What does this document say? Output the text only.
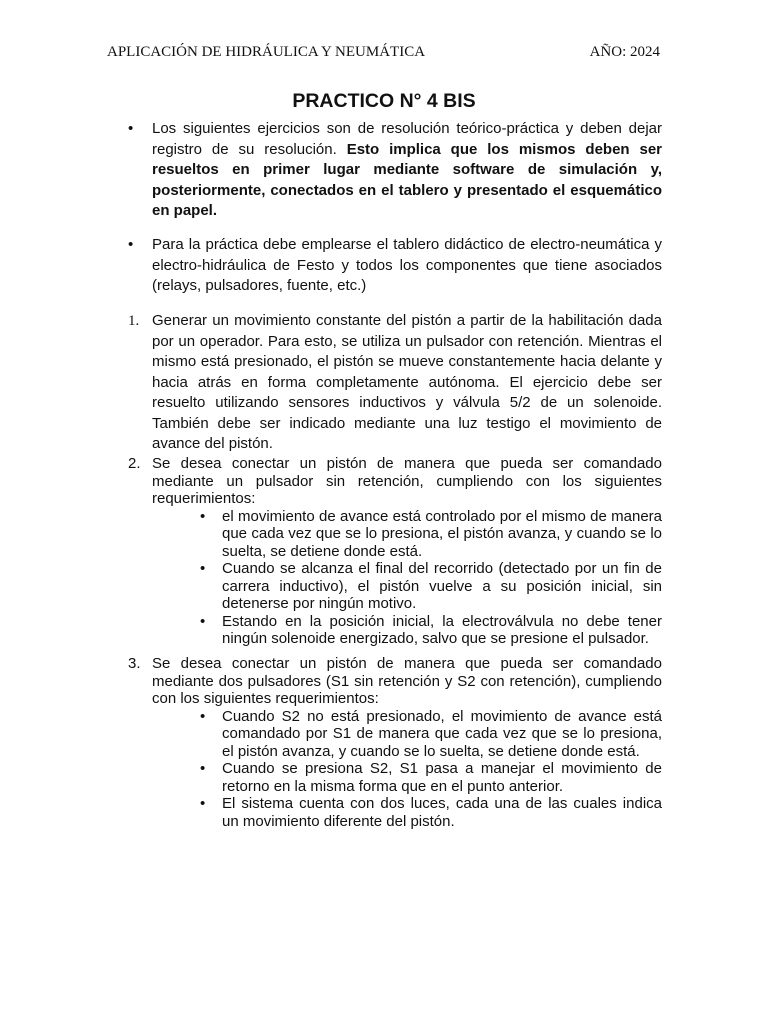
APLICACIÓN DE HIDRÁULICA Y NEUMÁTICA	AÑO: 2024
PRACTICO N° 4 BIS
• Los siguientes ejercicios son de resolución teórico-práctica y deben dejar registro de su resolución. Esto implica que los mismos deben ser resueltos en primer lugar mediante software de simulación y, posteriormente, conectados en el tablero y presentado el esquemático en papel.
• Para la práctica debe emplearse el tablero didáctico de electro-neumática y electro-hidráulica de Festo y todos los componentes que tiene asociados (relays, pulsadores, fuente, etc.)
1. Generar un movimiento constante del pistón a partir de la habilitación dada por un operador. Para esto, se utiliza un pulsador con retención. Mientras el mismo está presionado, el pistón se mueve constantemente hacia delante y hacia atrás en forma completamente autónoma. El ejercicio debe ser resuelto utilizando sensores inductivos y válvula 5/2 de un solenoide. También debe ser indicado mediante una luz testigo el movimiento de avance del pistón.
2. Se desea conectar un pistón de manera que pueda ser comandado mediante un pulsador sin retención, cumpliendo con los siguientes requerimientos:
• el movimiento de avance está controlado por el mismo de manera que cada vez que se lo presiona, el pistón avanza, y cuando se lo suelta, se detiene donde está.
• Cuando se alcanza el final del recorrido (detectado por un fin de carrera inductivo), el pistón vuelve a su posición inicial, sin detenerse por ningún motivo.
• Estando en la posición inicial, la electroválvula no debe tener ningún solenoide energizado, salvo que se presione el pulsador.
3. Se desea conectar un pistón de manera que pueda ser comandado mediante dos pulsadores (S1 sin retención y S2 con retención), cumpliendo con los siguientes requerimientos:
• Cuando S2 no está presionado, el movimiento de avance está comandado por S1 de manera que cada vez que se lo presiona, el pistón avanza, y cuando se lo suelta, se detiene donde está.
• Cuando se presiona S2, S1 pasa a manejar el movimiento de retorno en la misma forma que en el punto anterior.
• El sistema cuenta con dos luces, cada una de las cuales indica un movimiento diferente del pistón.
